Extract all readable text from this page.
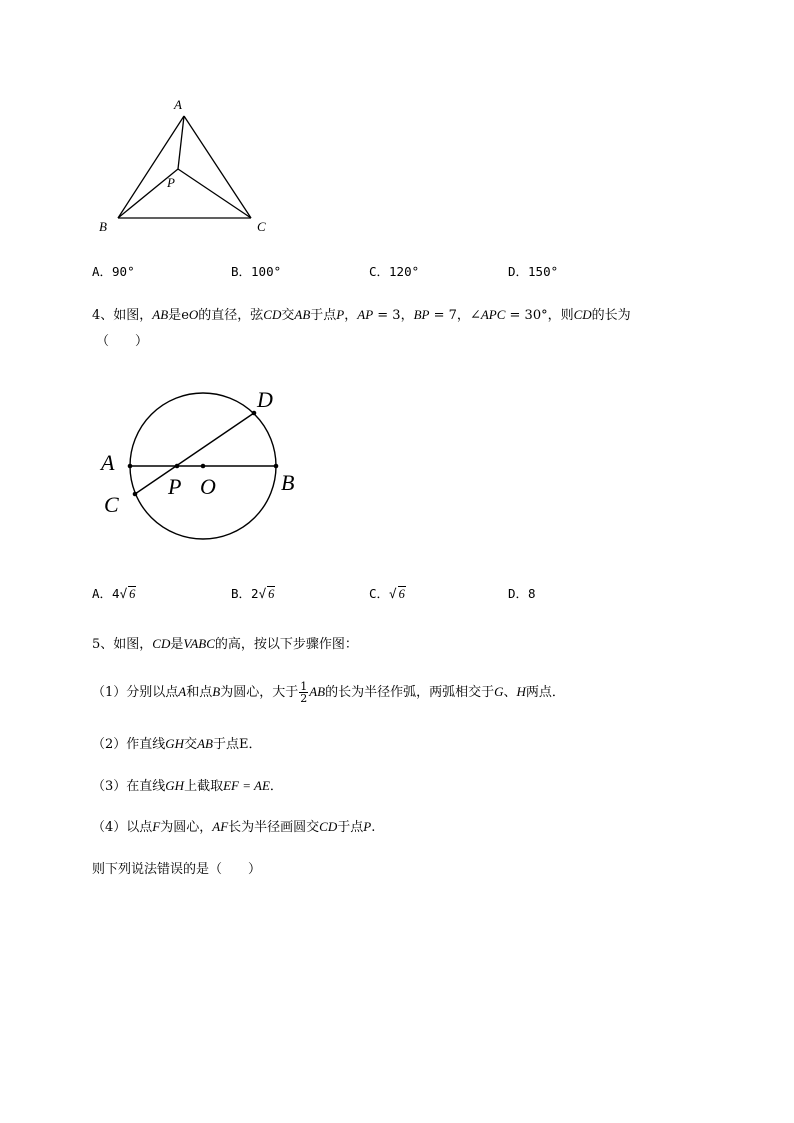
A
P
B	C
A．90°	B．100°	C．120°	D．150°
4、如图，AB是eO的直径，弦CD交AB于点P，AP = 3，BP = 7，∠APC = 30°，则CD的长为
（　　）
D
A
P O	B
C
A．4√ 6	B．2√ 6	C．√ 6	D．8
5、如图，CD是VABC的高，按以下步骤作图：
（1）分别以点A和点B为圆心，大于 $\frac{1}{2}$ AB的长为半径作弧，两弧相交于G、H两点．
（2）作直线GH交AB于点E．
（3）在直线GH上截取EF = AE．
（4）以点F为圆心，AF长为半径画圆交CD于点P.
则下列说法错误的是（　　）
